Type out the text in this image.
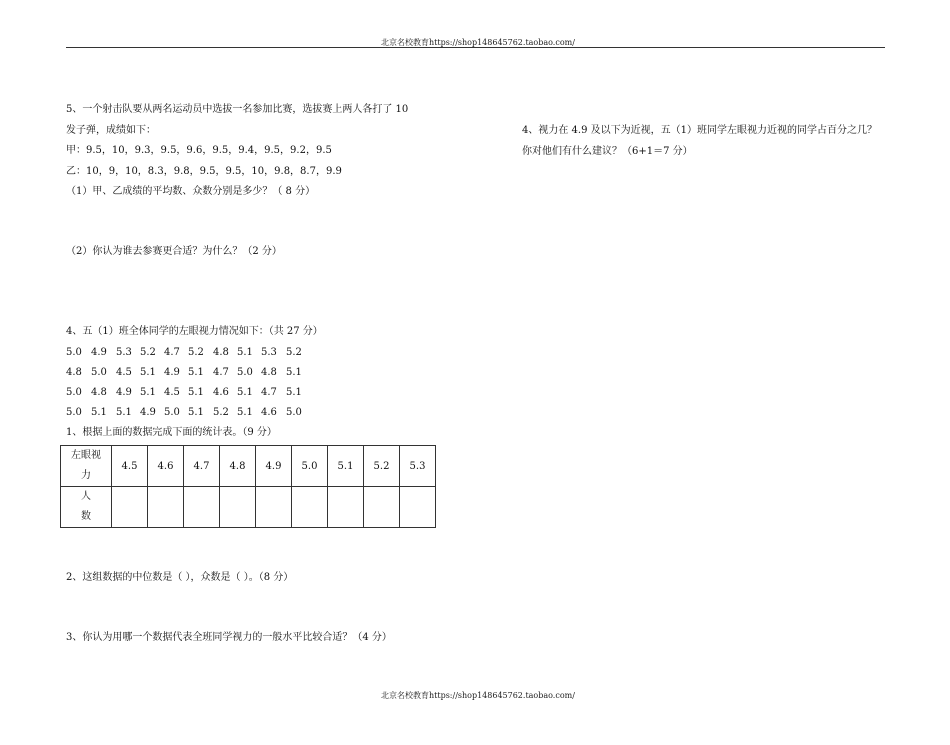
北京名校教育https://shop148645762.taobao.com/
5、一个射击队要从两名运动员中选拔一名参加比赛，选拔赛上两人各打了 10
发子弹，成绩如下：
甲：9.5，10，9.3，9.5，9.6，9.5，9.4，9.5，9.2，9.5
乙：10，9，10，8.3，9.8，9.5，9.5，10，9.8，8.7，9.9
（1）甲、乙成绩的平均数、众数分别是多少？（ 8 分）
（2）你认为谁去参赛更合适？为什么？（2 分）
4、五（1）班全体同学的左眼视力情况如下：（共 27 分）
5.0 4.9 5.3 5.2 4.7 5.2 4.8 5.1 5.3 5.2
4.8 5.0 4.5 5.1 4.9 5.1 4.7 5.0 4.8 5.1
5.0 4.8 4.9 5.1 4.5 5.1 4.6 5.1 4.7 5.1
5.0 5.1 5.1 4.9 5.0 5.1 5.2 5.1 4.6 5.0
1、根据上面的数据完成下面的统计表。（9 分）
左眼视
力	4.5	4.6	4.7	4.8	4.9	5.0	5.1	5.2	5.3

人
数									

2、这组数据的中位数是（ ），众数是（ ）。（8 分）
3、你认为用哪一个数据代表全班同学视力的一般水平比较合适？（4 分）
4、视力在 4.9 及以下为近视，五（1）班同学左眼视力近视的同学占百分之几？
你对他们有什么建议？（6+1＝7 分）
北京名校教育https://shop148645762.taobao.com/
